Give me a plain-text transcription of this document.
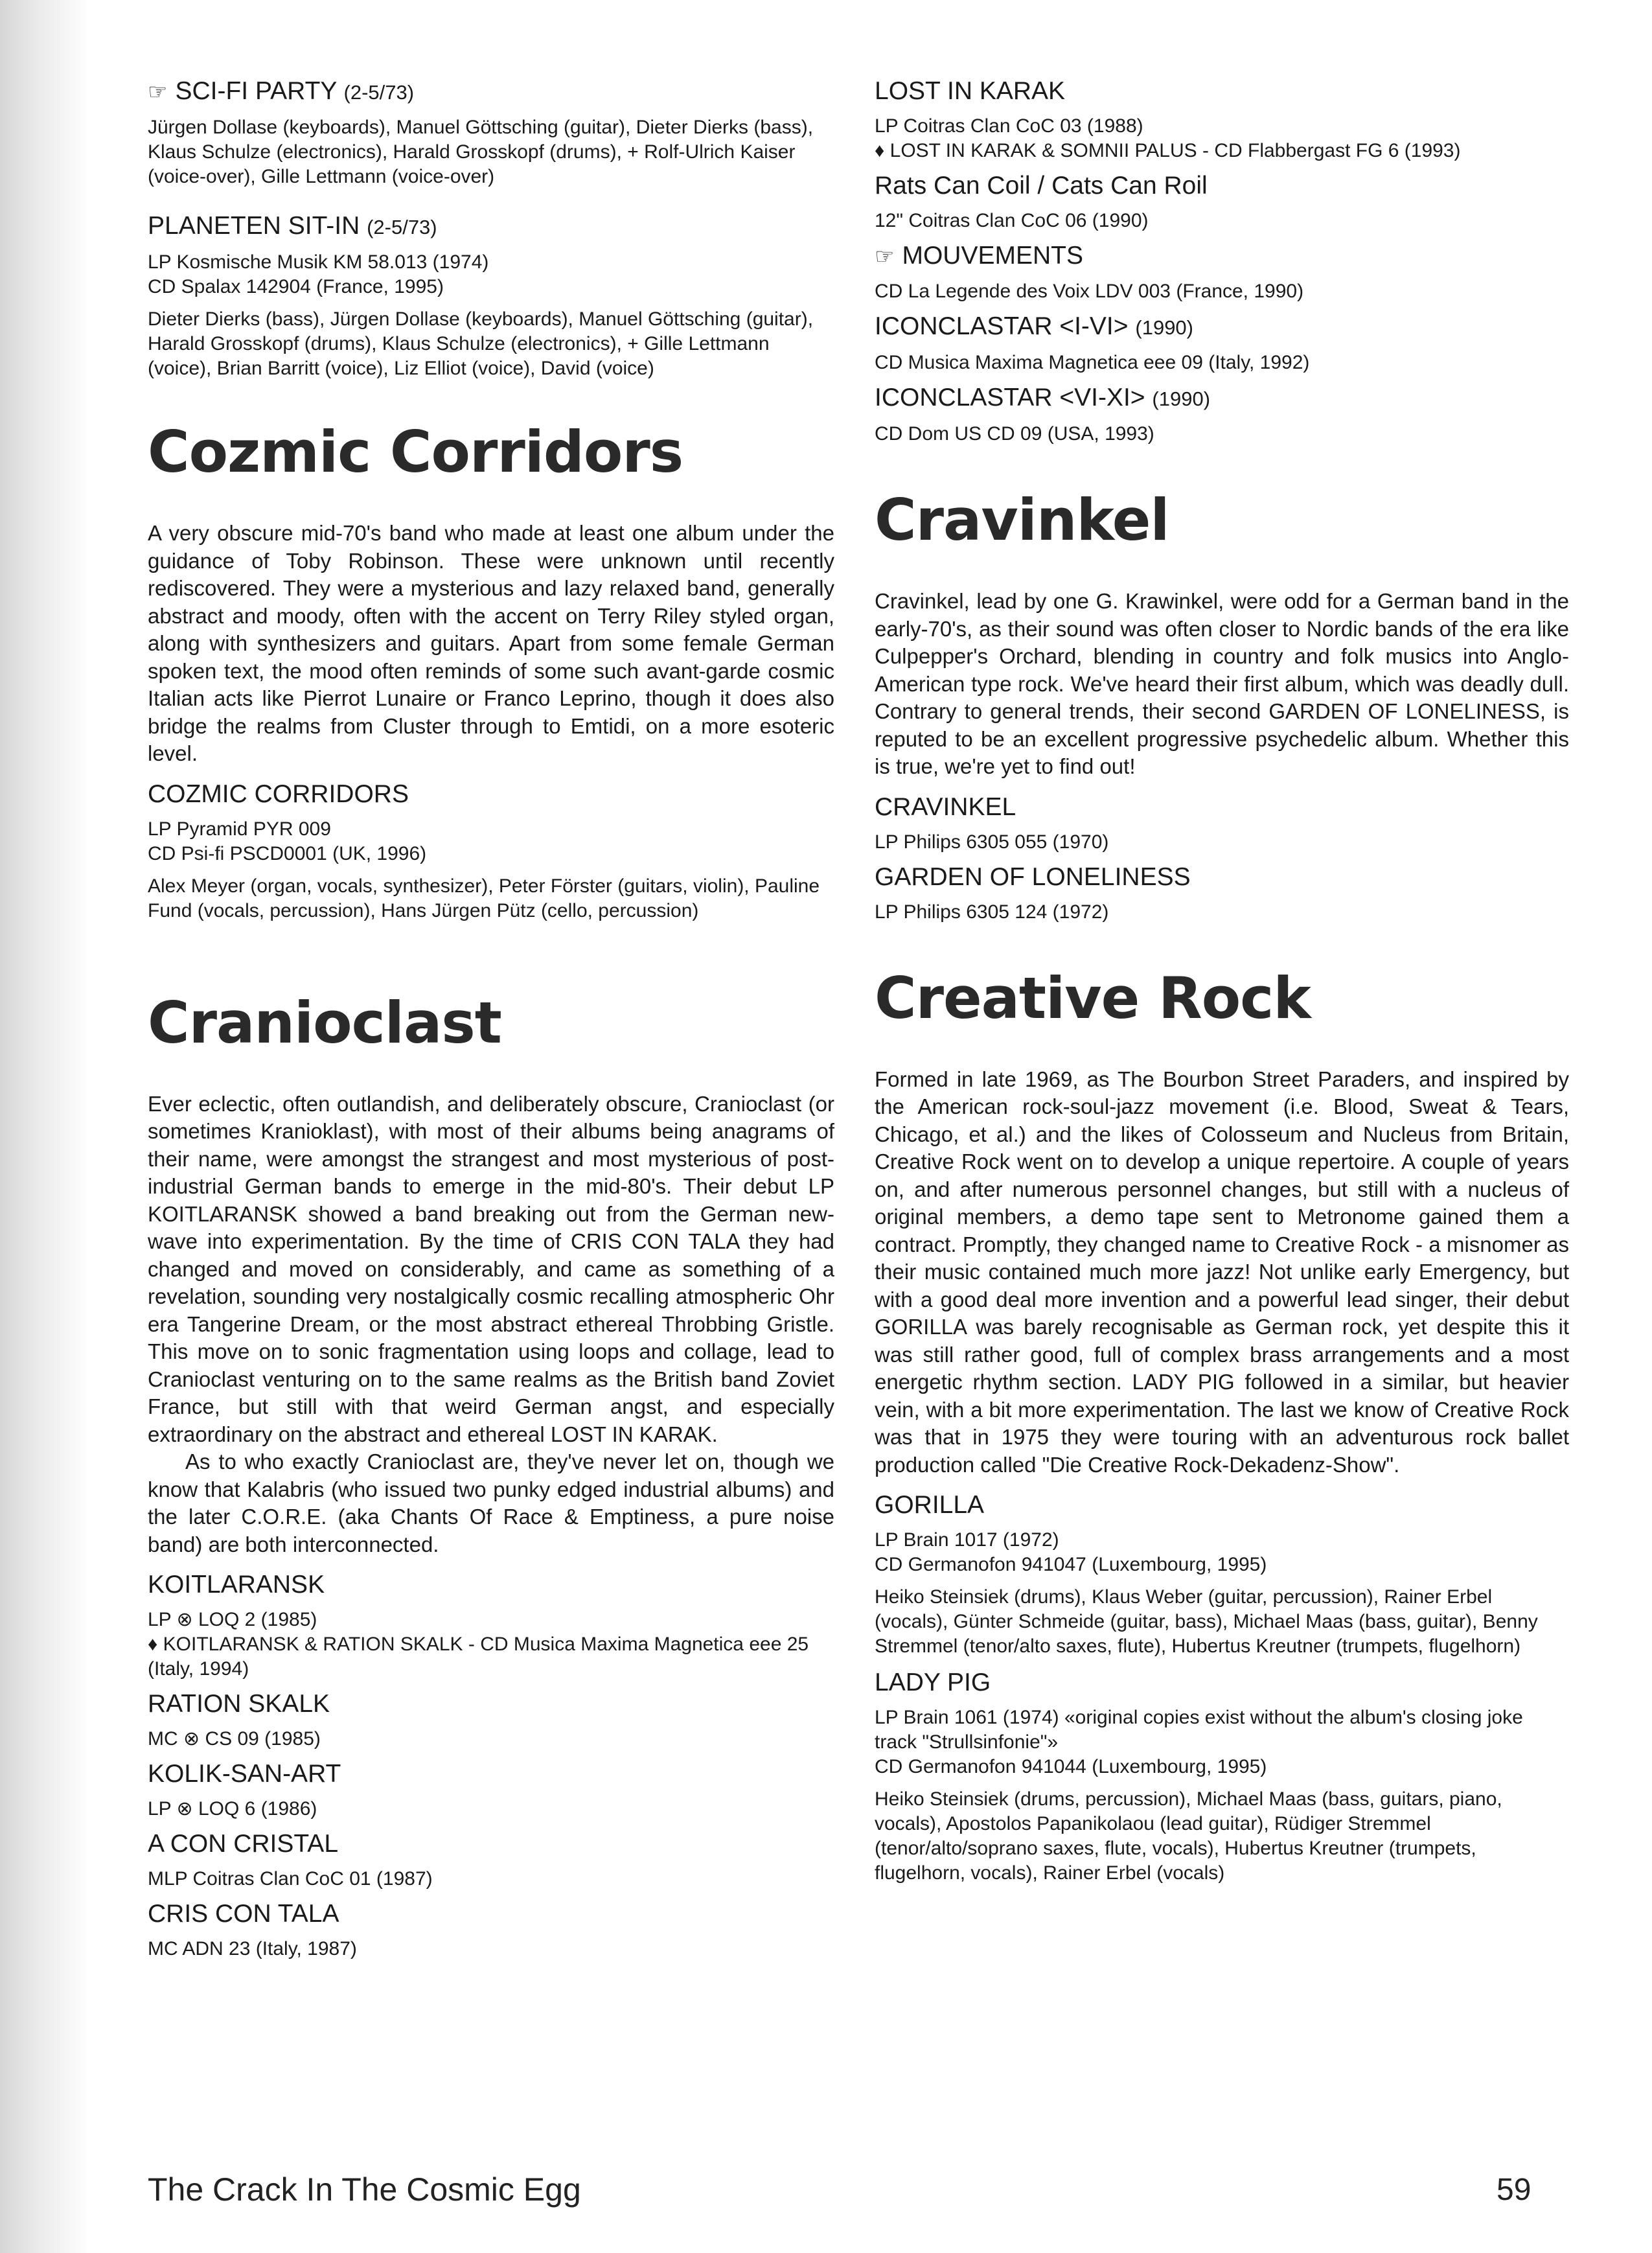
☞ SCI-FI PARTY (2-5/73)

Jürgen Dollase (keyboards), Manuel Göttsching (guitar), Dieter Dierks (bass), Klaus Schulze (electronics), Harald Grosskopf (drums), + Rolf-Ulrich Kaiser (voice-over), Gille Lettmann (voice-over)

PLANETEN SIT-IN (2-5/73)

LP Kosmische Musik KM 58.013 (1974)

CD Spalax 142904 (France, 1995)

Dieter Dierks (bass), Jürgen Dollase (keyboards), Manuel Göttsching (guitar), Harald Grosskopf (drums), Klaus Schulze (electronics), + Gille Lettmann (voice), Brian Barritt (voice), Liz Elliot (voice), David (voice)

Cozmic Corridors

A very obscure mid-70's band who made at least one album under the guidance of Toby Robinson. These were unknown until recently rediscovered. They were a mysterious and lazy relaxed band, generally abstract and moody, often with the accent on Terry Riley styled organ, along with synthesizers and guitars. Apart from some female German spoken text, the mood often reminds of some such avant-garde cosmic Italian acts like Pierrot Lunaire or Franco Leprino, though it does also bridge the realms from Cluster through to Emtidi, on a more esoteric level.

COZMIC CORRIDORS

LP Pyramid PYR 009

CD Psi-fi PSCD0001 (UK, 1996)

Alex Meyer (organ, vocals, synthesizer), Peter Förster (guitars, violin), Pauline Fund (vocals, percussion), Hans Jürgen Pütz (cello, percussion)

Cranioclast

Ever eclectic, often outlandish, and deliberately obscure, Cranioclast (or sometimes Kranioklast), with most of their albums being anagrams of their name, were amongst the strangest and most mysterious of post-industrial German bands to emerge in the mid-80's. Their debut LP KOITLARANSK showed a band breaking out from the German new-wave into experimentation. By the time of CRIS CON TALA they had changed and moved on considerably, and came as something of a revelation, sounding very nostalgically cosmic recalling atmospheric Ohr era Tangerine Dream, or the most abstract ethereal Throbbing Gristle. This move on to sonic fragmentation using loops and collage, lead to Cranioclast venturing on to the same realms as the British band Zoviet France, but still with that weird German angst, and especially extraordinary on the abstract and ethereal LOST IN KARAK.

As to who exactly Cranioclast are, they've never let on, though we know that Kalabris (who issued two punky edged industrial albums) and the later C.O.R.E. (aka Chants Of Race & Emptiness, a pure noise band) are both interconnected.

KOITLARANSK

LP ⊗ LOQ 2 (1985)

♦ KOITLARANSK & RATION SKALK - CD Musica Maxima Magnetica eee 25 (Italy, 1994)

RATION SKALK

MC ⊗ CS 09 (1985)

KOLIK-SAN-ART

LP ⊗ LOQ 6 (1986)

A CON CRISTAL

MLP Coitras Clan CoC 01 (1987)

CRIS CON TALA

MC ADN 23 (Italy, 1987)

LOST IN KARAK

LP Coitras Clan CoC 03 (1988)

♦ LOST IN KARAK & SOMNII PALUS - CD Flabbergast FG 6 (1993)

Rats Can Coil / Cats Can Roil

12" Coitras Clan CoC 06 (1990)

☞ MOUVEMENTS

CD La Legende des Voix LDV 003 (France, 1990)

ICONCLASTAR <I-VI> (1990)

CD Musica Maxima Magnetica eee 09 (Italy, 1992)

ICONCLASTAR <VI-XI> (1990)

CD Dom US CD 09 (USA, 1993)

Cravinkel

Cravinkel, lead by one G. Krawinkel, were odd for a German band in the early-70's, as their sound was often closer to Nordic bands of the era like Culpepper's Orchard, blending in country and folk musics into Anglo-American type rock. We've heard their first album, which was deadly dull. Contrary to general trends, their second GARDEN OF LONELINESS, is reputed to be an excellent progressive psychedelic album. Whether this is true, we're yet to find out!

CRAVINKEL

LP Philips 6305 055 (1970)

GARDEN OF LONELINESS

LP Philips 6305 124 (1972)

Creative Rock

Formed in late 1969, as The Bourbon Street Paraders, and inspired by the American rock-soul-jazz movement (i.e. Blood, Sweat & Tears, Chicago, et al.) and the likes of Colosseum and Nucleus from Britain, Creative Rock went on to develop a unique repertoire. A couple of years on, and after numerous personnel changes, but still with a nucleus of original members, a demo tape sent to Metronome gained them a contract. Promptly, they changed name to Creative Rock - a misnomer as their music contained much more jazz! Not unlike early Emergency, but with a good deal more invention and a powerful lead singer, their debut GORILLA was barely recognisable as German rock, yet despite this it was still rather good, full of complex brass arrangements and a most energetic rhythm section. LADY PIG followed in a similar, but heavier vein, with a bit more experimentation. The last we know of Creative Rock was that in 1975 they were touring with an adventurous rock ballet production called "Die Creative Rock-Dekadenz-Show".

GORILLA

LP Brain 1017 (1972)

CD Germanofon 941047 (Luxembourg, 1995)

Heiko Steinsiek (drums), Klaus Weber (guitar, percussion), Rainer Erbel (vocals), Günter Schmeide (guitar, bass), Michael Maas (bass, guitar), Benny Stremmel (tenor/alto saxes, flute), Hubertus Kreutner (trumpets, flugelhorn)

LADY PIG

LP Brain 1061 (1974) «original copies exist without the album's closing joke track "Strullsinfonie"»

CD Germanofon 941044 (Luxembourg, 1995)

Heiko Steinsiek (drums, percussion), Michael Maas (bass, guitars, piano, vocals), Apostolos Papanikolaou (lead guitar), Rüdiger Stremmel (tenor/alto/soprano saxes, flute, vocals), Hubertus Kreutner (trumpets, flugelhorn, vocals), Rainer Erbel (vocals)

The Crack In The Cosmic Egg	59
